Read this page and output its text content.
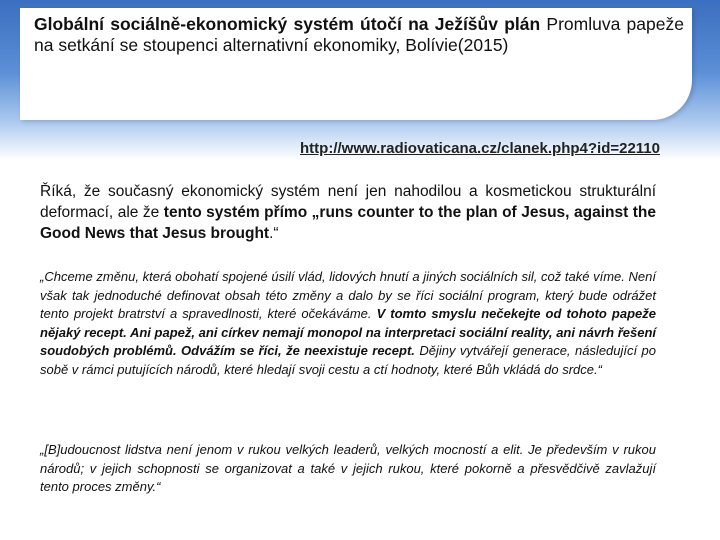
Globální sociálně-ekonomický systém útočí na Ježíšův plán Promluva papeže na setkání se stoupenci alternativní ekonomiky, Bolívie(2015)

http://www.radiovaticana.cz/clanek.php4?id=22110

Říká, že současný ekonomický systém není jen nahodilou a kosmetickou strukturální deformací, ale že tento systém přímo „runs counter to the plan of Jesus, against the Good News that Jesus brought.“

„Chceme změnu, která obohatí spojené úsilí vlád, lidových hnutí a jiných sociálních sil, což také víme. Není však tak jednoduché definovat obsah této změny a dalo by se říci sociální program, který bude odrážet tento projekt bratrství a spravedlnosti, které očekáváme. V tomto smyslu nečekejte od tohoto papeže nějaký recept. Ani papež, ani církev nemají monopol na interpretaci sociální reality, ani návrh řešení soudobých problémů. Odvážím se říci, že neexistuje recept. Dějiny vytvářejí generace, následující po sobě v rámci putujících národů, které hledají svoji cestu a ctí hodnoty, které Bůh vkládá do srdce.“

„[B]udoucnost lidstva není jenom v rukou velkých leaderů, velkých mocností a elit. Je především v rukou národů; v jejich schopnosti se organizovat a také v jejich rukou, které pokorně a přesvědčivě zavlažují tento proces změny.“
